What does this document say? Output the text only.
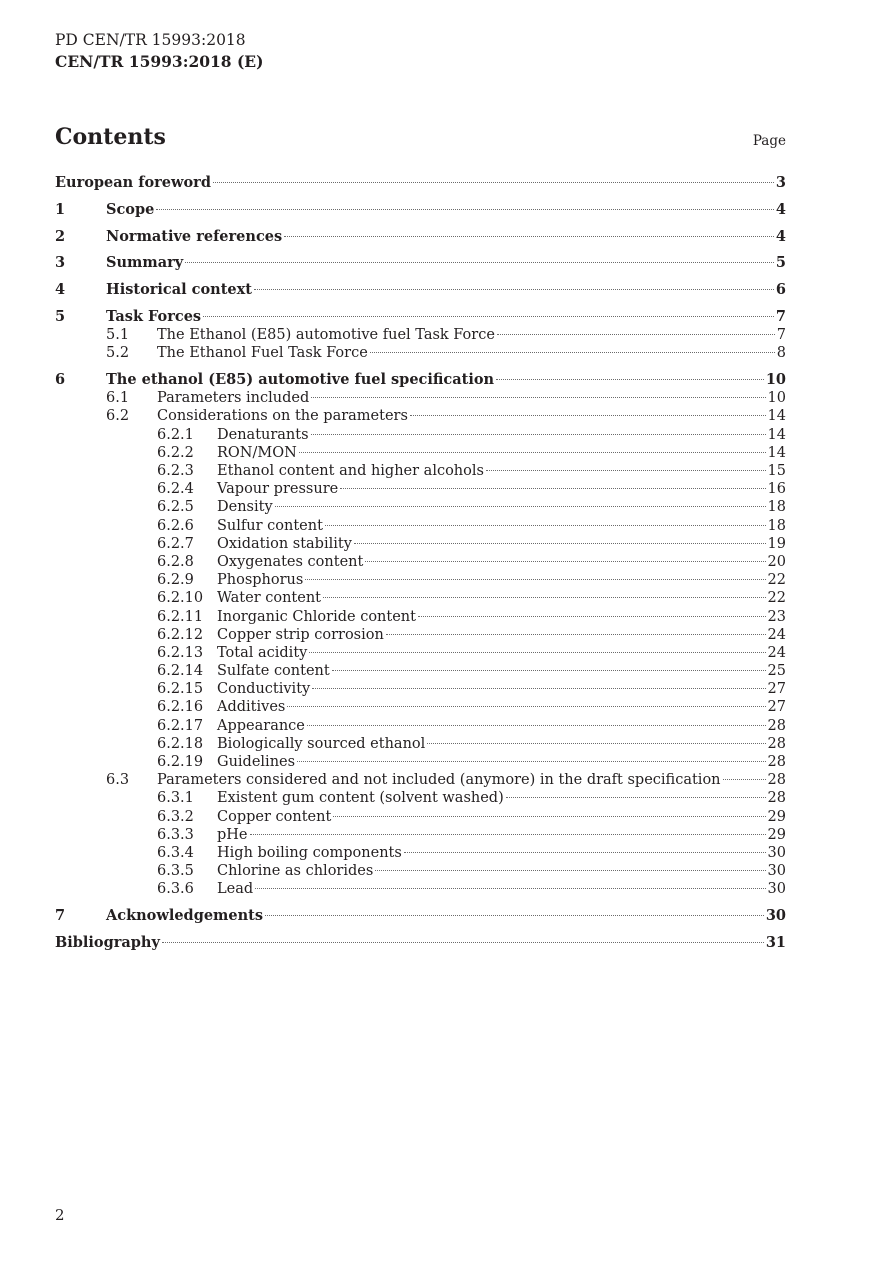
PD CEN/TR 15993:2018
CEN/TR 15993:2018 (E)
Contents	Page
European foreword	3
1	Scope	4
2	Normative references	4
3	Summary	5
4	Historical context	6
5	Task Forces	7
5.1	The Ethanol (E85) automotive fuel Task Force	7
5.2	The Ethanol Fuel Task Force	8
6	The ethanol (E85) automotive fuel specification	10
6.1	Parameters included	10
6.2	Considerations on the parameters	14
6.2.1	Denaturants	14
6.2.2	RON/MON	14
6.2.3	Ethanol content and higher alcohols	15
6.2.4	Vapour pressure	16
6.2.5	Density	18
6.2.6	Sulfur content	18
6.2.7	Oxidation stability	19
6.2.8	Oxygenates content	20
6.2.9	Phosphorus	22
6.2.10 Water content	22
6.2.11 Inorganic Chloride content	23
6.2.12 Copper strip corrosion	24
6.2.13 Total acidity	24
6.2.14 Sulfate content	25
6.2.15 Conductivity	27
6.2.16 Additives	27
6.2.17 Appearance	28
6.2.18 Biologically sourced ethanol	28
6.2.19 Guidelines	28
6.3	Parameters considered and not included (anymore) in the draft specification	28
6.3.1	Existent gum content (solvent washed)	28
6.3.2	Copper content	29
6.3.3	pHe	29
6.3.4	High boiling components	30
6.3.5	Chlorine as chlorides	30
6.3.6	Lead	30
7	Acknowledgements	30
Bibliography	31
2
